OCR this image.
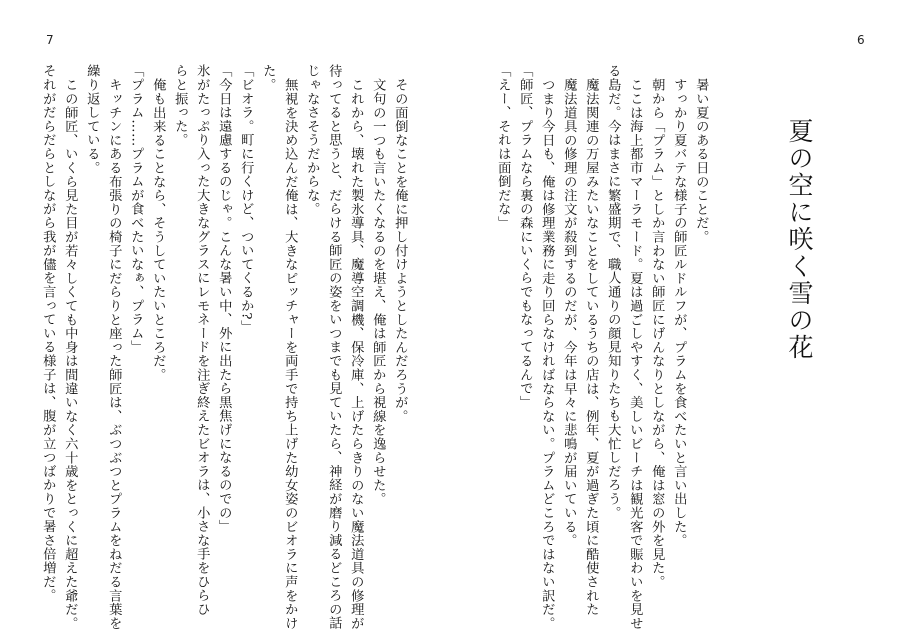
7	6
夏の空に咲く雪の花
暑い夏のある日のことだ。
すっかり夏バテな様子の師匠ルドルフが、プラムを食べたいと言い出した。
朝から「プラム」としか言わない師匠にげんなりとしながら、俺は窓の外を見た。
ここは海上都市マーラモード。夏は過ごしやすく、美しいビーチは観光客で賑わいを見せ
る島だ。今はまさに繁盛期で、職人通りの顔見知りたちも大忙しだろう。
魔法関連の万屋みたいなことをしているうちの店は、例年、夏が過ぎた頃に酷使された
魔法道具の修理の注文が殺到するのだが、今年は早々に悲鳴が届いている。
つまり今日も、俺は修理業務に走り回らなければならない。プラムどころではない訳だ。
「師匠、プラムなら裏の森にいくらでもなってるんで」
「えー、それは面倒だな」
その面倒なことを俺に押し付けようとしたんだろうが。
文句の一つも言いたくなるのを堪え、俺は師匠から視線を逸らせた。
これから、壊れた製氷導具、魔導空調機、保冷庫、上げたらきりのない魔法道具の修理が
待ってると思うと、だらける師匠の姿をいつまでも見ていたら、神経が磨り減るどころの話
じゃなさそうだからな。
無視を決め込んだ俺は、大きなピッチャーを両手で持ち上げた幼女姿のビオラに声をかけ
た。
「ビオラ。町に行くけど、ついてくるか?」
「今日は遠慮するのじゃ。こんな暑い中、外に出たら黒焦げになるのでの」
氷がたっぷり入った大きなグラスにレモネードを注ぎ終えたビオラは、小さな手をひらひ
らと振った。
俺も出来ることなら、そうしていたいところだ。
「プラム……プラムが食べたいなぁ、プラム」
キッチンにある布張りの椅子にだらりと座った師匠は、ぶつぶつとプラムをねだる言葉を
繰り返している。
この師匠、いくら見た目が若々しくても中身は間違いなく六十歳をとっくに超えた爺だ。
それがだらだらとしながら我が儘を言っている様子は、腹が立つばかりで暑さ倍増だ。
